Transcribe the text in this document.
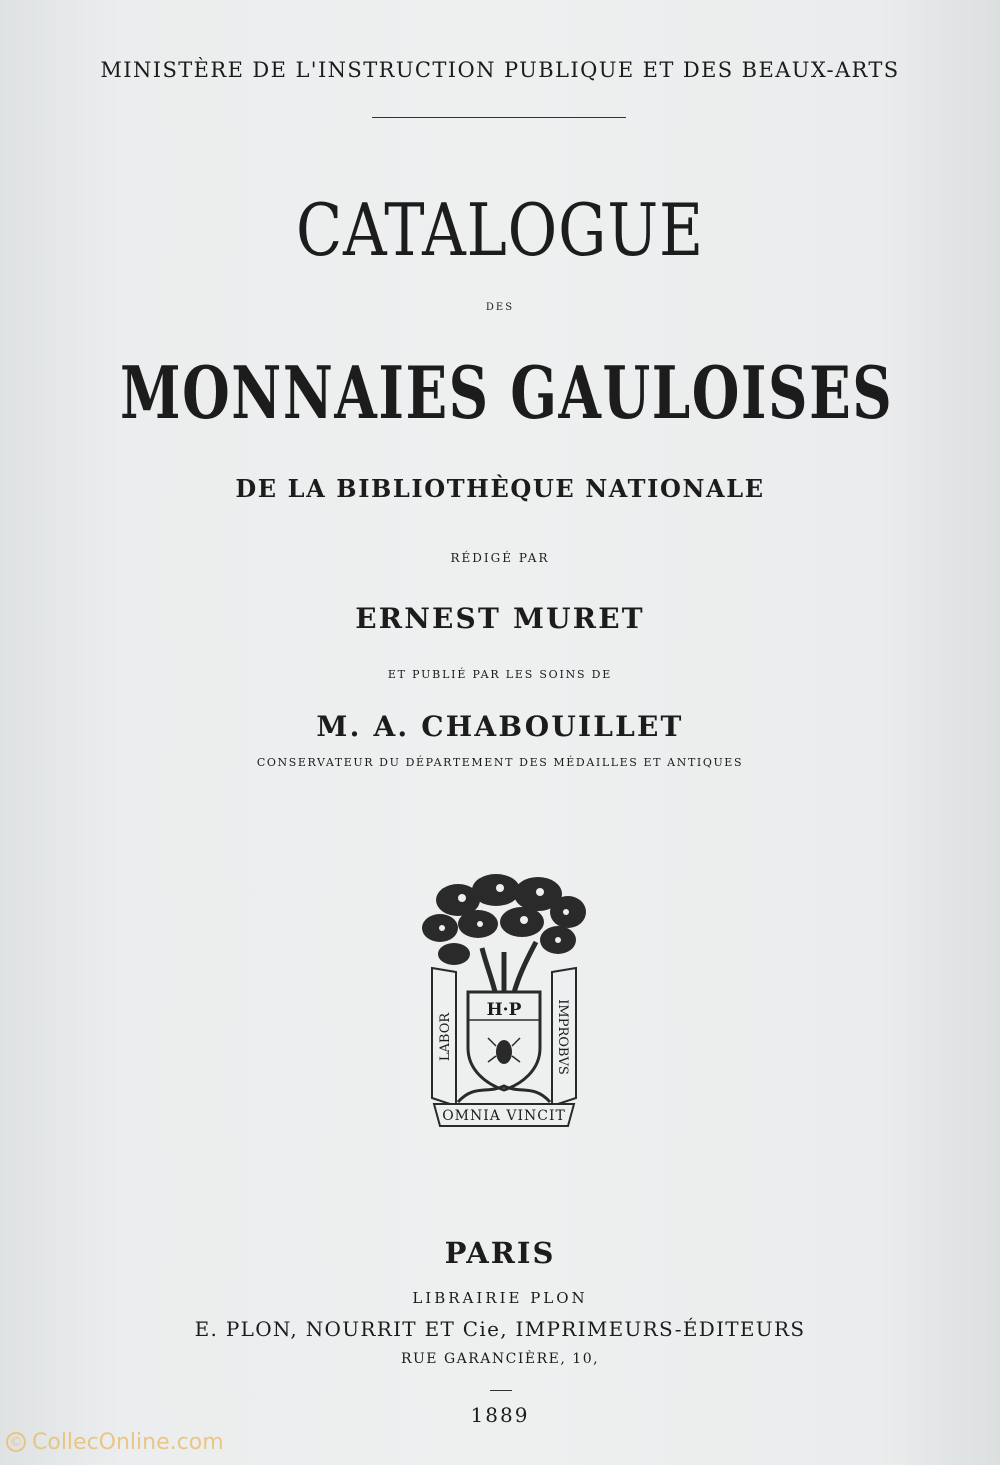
MINISTÈRE DE L'INSTRUCTION PUBLIQUE ET DES BEAUX-ARTS
CATALOGUE
DES
MONNAIES GAULOISES
DE LA BIBLIOTHÈQUE NATIONALE
RÉDIGÉ PAR
ERNEST MURET
ET PUBLIÉ PAR LES SOINS DE
M. A. CHABOUILLET
CONSERVATEUR DU DÉPARTEMENT DES MÉDAILLES ET ANTIQUES
H·P
LABOR	IMPROBVS
OMNIA VINCIT
PARIS
LIBRAIRIE PLON
E. PLON, NOURRIT ET Cie, IMPRIMEURS-ÉDITEURS
RUE GARANCIÈRE, 10,
1889
© CollecOnline.com
